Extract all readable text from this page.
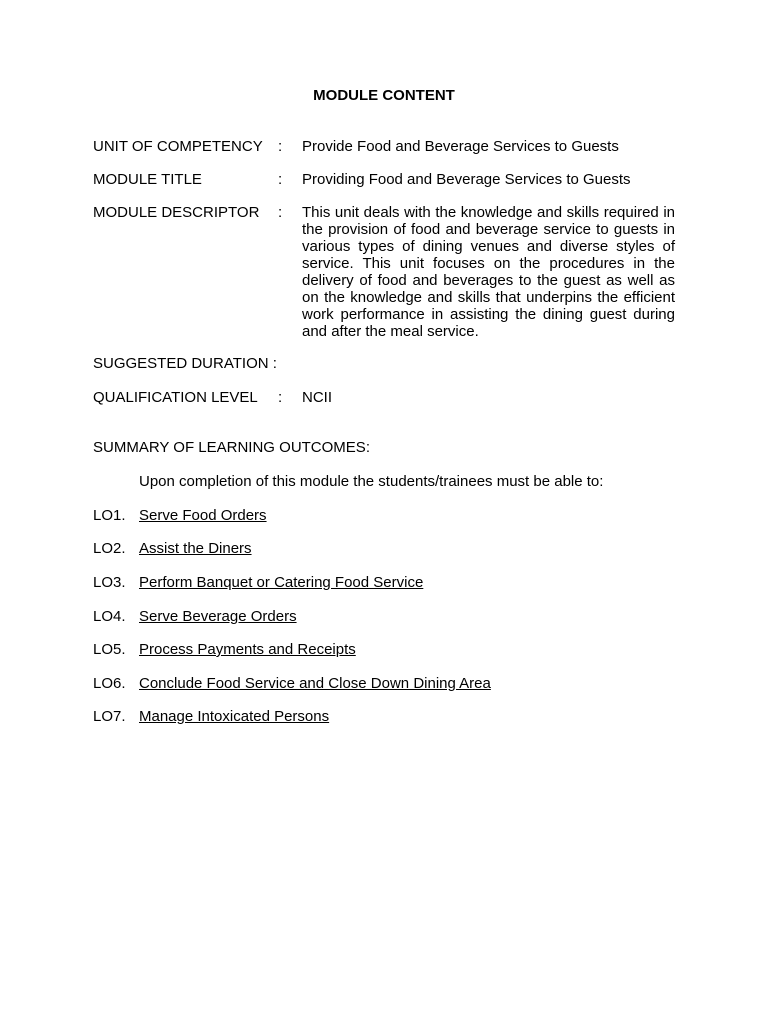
MODULE CONTENT
UNIT OF COMPETENCY : Provide Food and Beverage Services to Guests
MODULE TITLE	: Providing Food and Beverage Services to Guests
MODULE DESCRIPTOR : This unit deals with the knowledge and skills required in the provision of food and beverage service to guests in various types of dining venues and diverse styles of service. This unit focuses on the procedures in the delivery of food and beverages to the guest as well as on the knowledge and skills that underpins the efficient work performance in assisting the dining guest during and after the meal service.
SUGGESTED DURATION :
QUALIFICATION LEVEL : NCII
SUMMARY OF LEARNING OUTCOMES:
Upon completion of this module the students/trainees must be able to:
LO1. Serve Food Orders
LO2. Assist the Diners
LO3. Perform Banquet or Catering Food Service
LO4. Serve Beverage Orders
LO5. Process Payments and Receipts
LO6. Conclude Food Service and Close Down Dining Area
LO7. Manage Intoxicated Persons
